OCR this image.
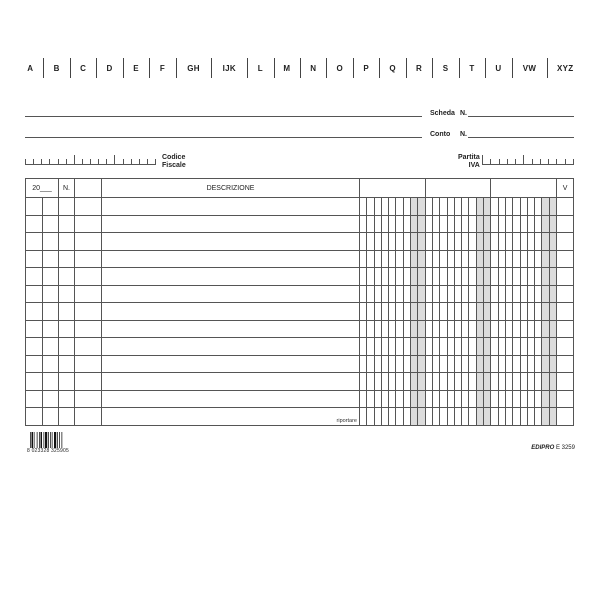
A	B	C	D	E	F	GH	IJK	L	M	N	O	P	Q	R	S	T	U	VW	XYZ
Scheda N.
Conto N.
Codice
Fiscale
Partita
IVA
20___		N.		DESCRIZIONE																												V

				riportare																												
8 023328 325905	EDIPRO E 3259
